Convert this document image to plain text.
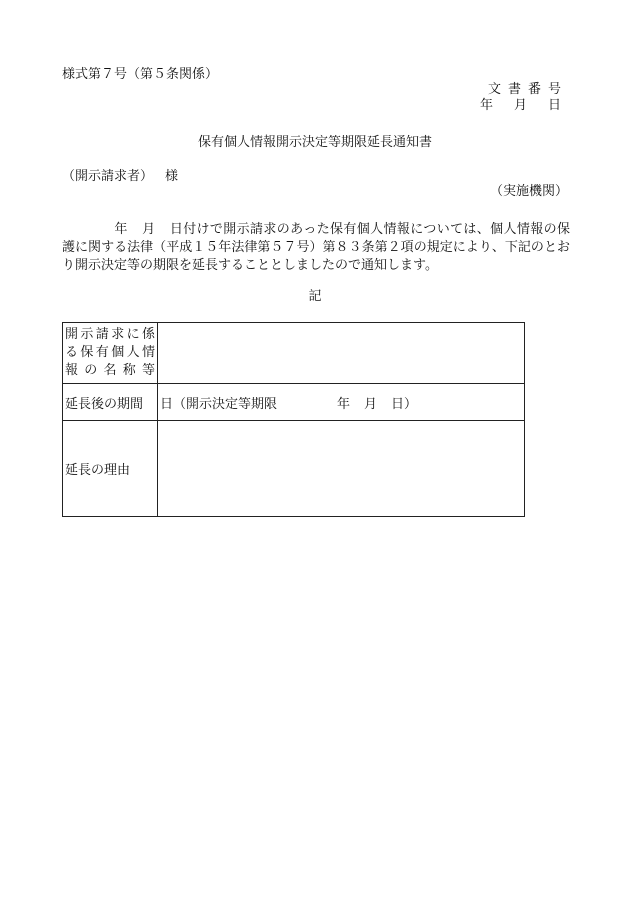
様式第７号（第５条関係）
文書番号
年 月 日
保有個人情報開示決定等期限延長通知書
（開示請求者） 様
（実施機関）
年 月 日付けで開示請求のあった保有個人情報については、個人情報の保護に関する法律（平成１５年法律第５７号）第８３条第２項の規定により、下記のとおり開示決定等の期限を延長することとしましたので通知します。
記
開示請求に係る保有個人情報の名称等	
延長後の期間	日（開示決定等期限 年 月 日）
延長の理由	
